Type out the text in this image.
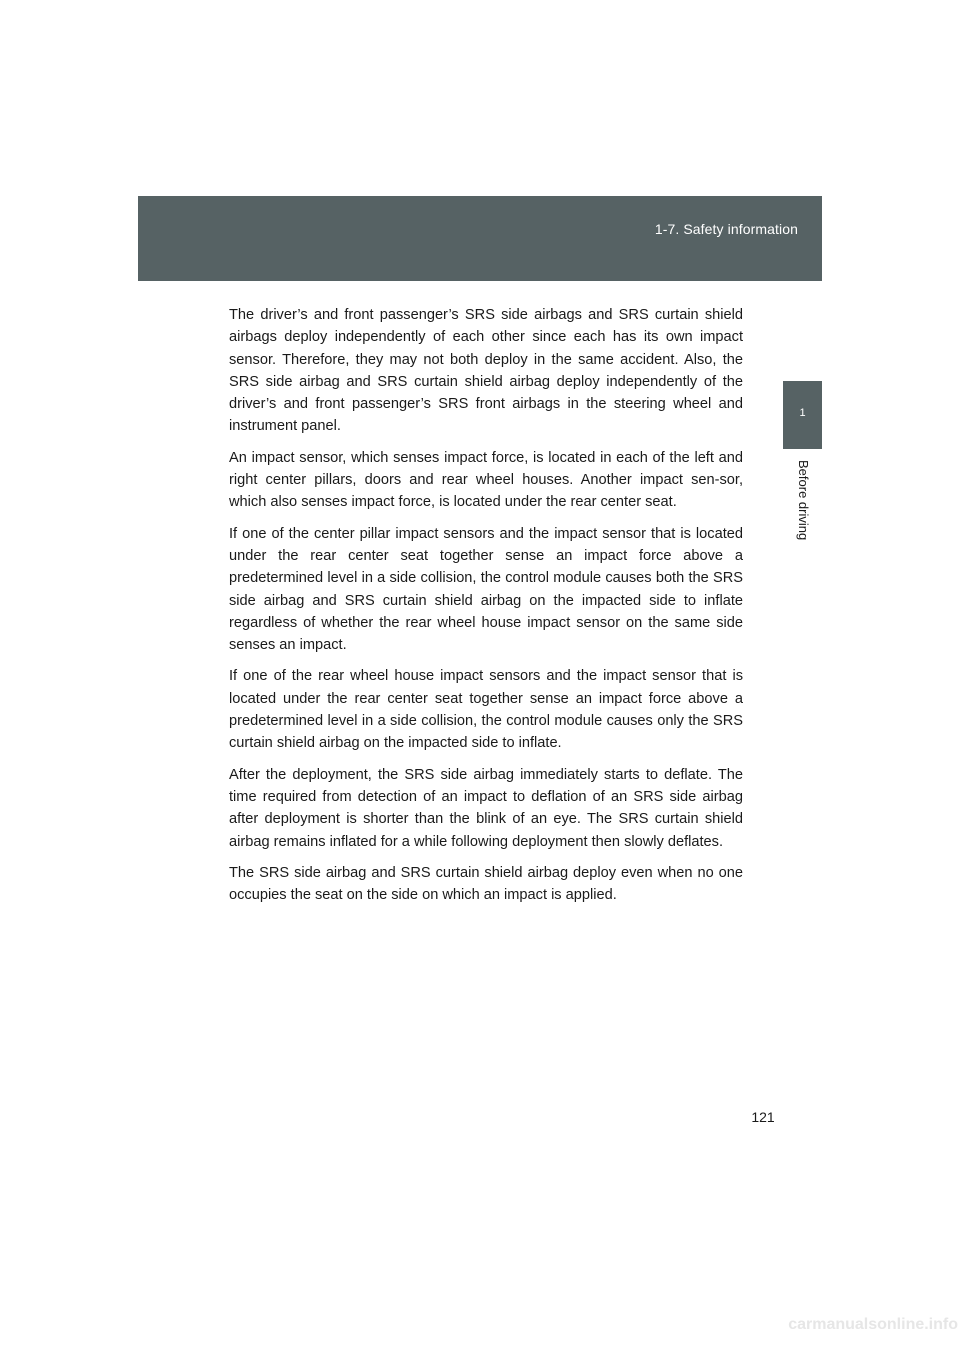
1-7. Safety information
1
Before driving

The driver’s and front passenger’s SRS side airbags and SRS curtain shield airbags deploy independently of each other since each has its own impact sensor. Therefore, they may not both deploy in the same accident. Also, the SRS side airbag and SRS curtain shield airbag deploy independently of the driver’s and front passenger’s SRS front airbags in the steering wheel and instrument panel.

An impact sensor, which senses impact force, is located in each of the left and right center pillars, doors and rear wheel houses. Another impact sen-sor, which also senses impact force, is located under the rear center seat.

If one of the center pillar impact sensors and the impact sensor that is located under the rear center seat together sense an impact force above a predetermined level in a side collision, the control module causes both the SRS side airbag and SRS curtain shield airbag on the impacted side to inflate regardless of whether the rear wheel house impact sensor on the same side senses an impact.

If one of the rear wheel house impact sensors and the impact sensor that is located under the rear center seat together sense an impact force above a predetermined level in a side collision, the control module causes only the SRS curtain shield airbag on the impacted side to inflate.

After the deployment, the SRS side airbag immediately starts to deflate. The time required from detection of an impact to deflation of an SRS side airbag after deployment is shorter than the blink of an eye. The SRS curtain shield airbag remains inflated for a while following deployment then slowly deflates.

The SRS side airbag and SRS curtain shield airbag deploy even when no one occupies the seat on the side on which an impact is applied.

121
carmanualsonline.info
